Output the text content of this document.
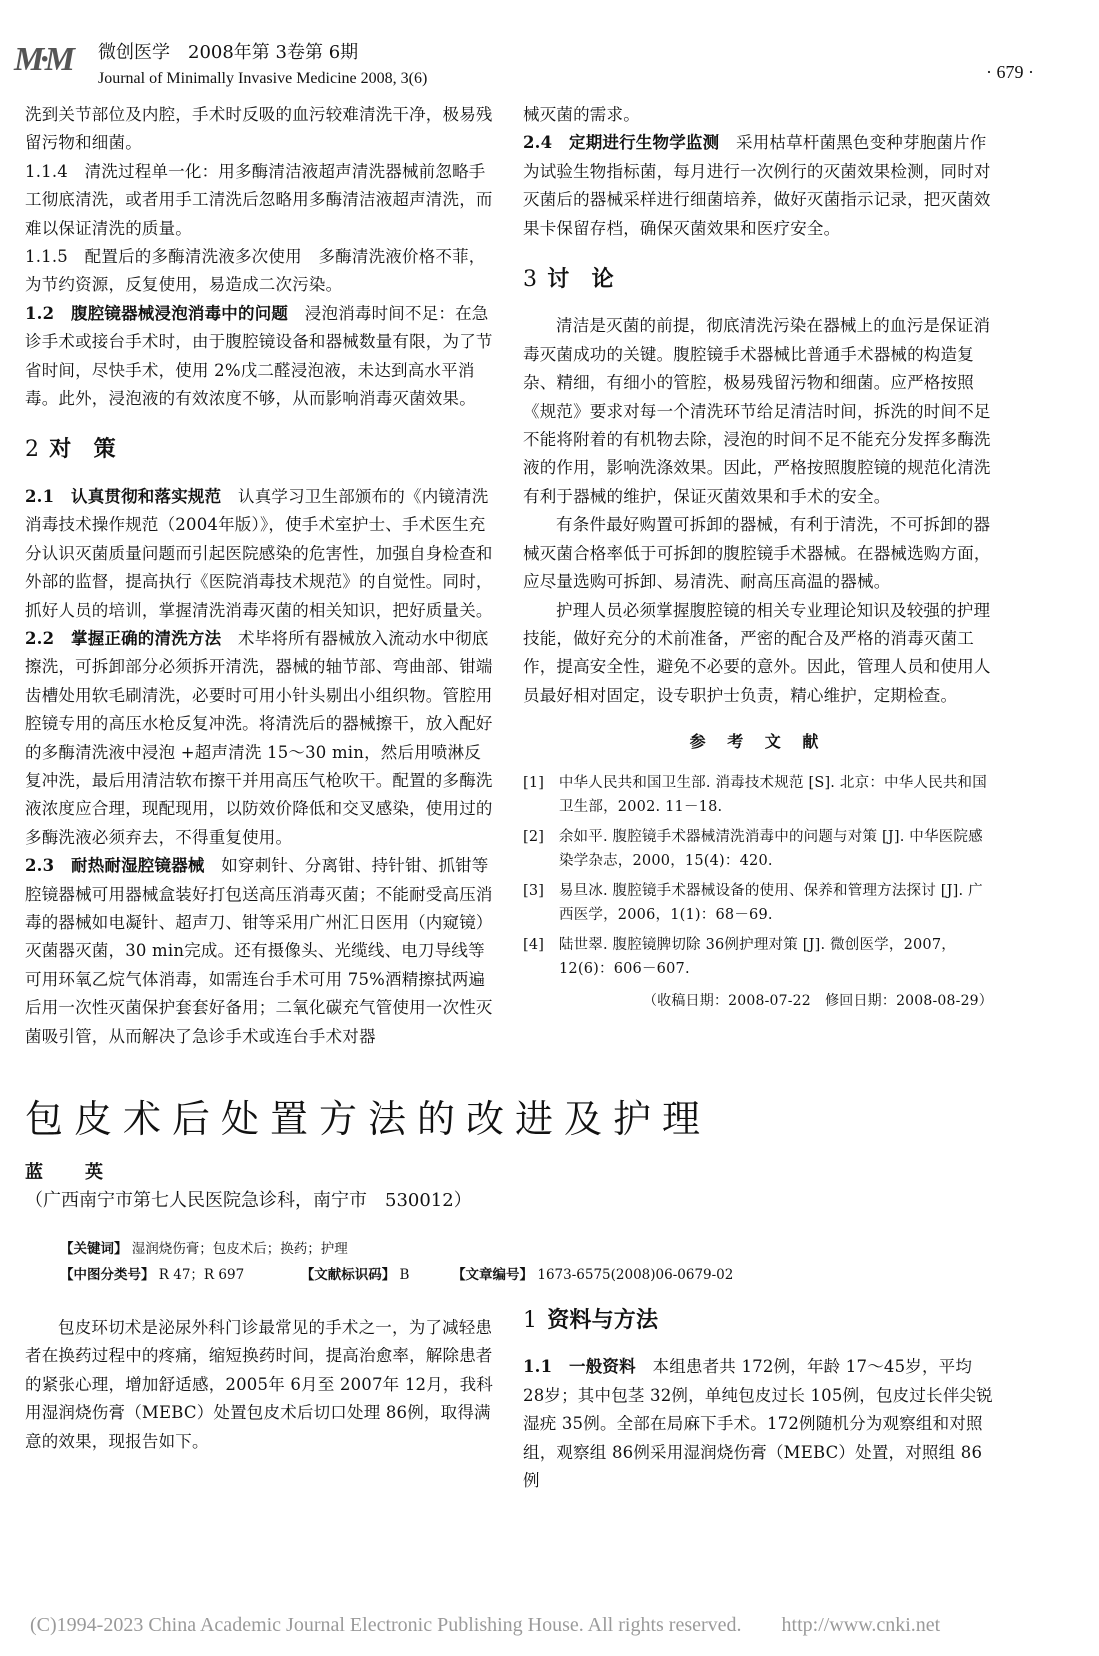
M·M	微创医学　2008年第 3卷第 6期
Journal of Minimally Invasive Medicine 2008, 3(6)	· 679 ·

洗到关节部位及内腔，手术时反吸的血污较难清洗干净，极易残留污物和细菌。

1.1.4　清洗过程单一化：用多酶清洁液超声清洗器械前忽略手工彻底清洗，或者用手工清洗后忽略用多酶清洁液超声清洗，而难以保证清洗的质量。

1.1.5　配置后的多酶清洗液多次使用　多酶清洗液价格不菲，为节约资源，反复使用，易造成二次污染。

1.2　腹腔镜器械浸泡消毒中的问题　浸泡消毒时间不足：在急诊手术或接台手术时，由于腹腔镜设备和器械数量有限，为了节省时间，尽快手术，使用 2%戊二醛浸泡液，未达到高水平消毒。此外，浸泡液的有效浓度不够，从而影响消毒灭菌效果。

2 对　策

2.1　认真贯彻和落实规范　认真学习卫生部颁布的《内镜清洗消毒技术操作规范（2004年版）》，使手术室护士、手术医生充分认识灭菌质量问题而引起医院感染的危害性，加强自身检查和外部的监督，提高执行《医院消毒技术规范》的自觉性。同时，抓好人员的培训，掌握清洗消毒灭菌的相关知识，把好质量关。

2.2　掌握正确的清洗方法　术毕将所有器械放入流动水中彻底擦洗，可拆卸部分必须拆开清洗，器械的轴节部、弯曲部、钳端齿槽处用软毛刷清洗，必要时可用小针头剔出小组织物。管腔用腔镜专用的高压水枪反复冲洗。将清洗后的器械擦干，放入配好的多酶清洗液中浸泡 +超声清洗 15～30 min，然后用喷淋反复冲洗，最后用清洁软布擦干并用高压气枪吹干。配置的多酶洗液浓度应合理，现配现用，以防效价降低和交叉感染，使用过的多酶洗液必须弃去，不得重复使用。

2.3　耐热耐湿腔镜器械　如穿刺针、分离钳、持针钳、抓钳等腔镜器械可用器械盒装好打包送高压消毒灭菌；不能耐受高压消毒的器械如电凝针、超声刀、钳等采用广州汇日医用（内窥镜）灭菌器灭菌，30 min完成。还有摄像头、光缆线、电刀导线等可用环氧乙烷气体消毒，如需连台手术可用 75%酒精擦拭两遍后用一次性灭菌保护套套好备用；二氧化碳充气管使用一次性灭菌吸引管，从而解决了急诊手术或连台手术对器

械灭菌的需求。

2.4　定期进行生物学监测　采用枯草杆菌黑色变种芽胞菌片作为试验生物指标菌，每月进行一次例行的灭菌效果检测，同时对灭菌后的器械采样进行细菌培养，做好灭菌指示记录，把灭菌效果卡保留存档，确保灭菌效果和医疗安全。

3 讨　论

清洁是灭菌的前提，彻底清洗污染在器械上的血污是保证消毒灭菌成功的关键。腹腔镜手术器械比普通手术器械的构造复杂、精细，有细小的管腔，极易残留污物和细菌。应严格按照《规范》要求对每一个清洗环节给足清洁时间，拆洗的时间不足不能将附着的有机物去除，浸泡的时间不足不能充分发挥多酶洗液的作用，影响洗涤效果。因此，严格按照腹腔镜的规范化清洗有利于器械的维护，保证灭菌效果和手术的安全。

有条件最好购置可拆卸的器械，有利于清洗，不可拆卸的器械灭菌合格率低于可拆卸的腹腔镜手术器械。在器械选购方面，应尽量选购可拆卸、易清洗、耐高压高温的器械。

护理人员必须掌握腹腔镜的相关专业理论知识及较强的护理技能，做好充分的术前准备，严密的配合及严格的消毒灭菌工作，提高安全性，避免不必要的意外。因此，管理人员和使用人员最好相对固定，设专职护士负责，精心维护，定期检查。

参 考 文 献
[1]　中华人民共和国卫生部. 消毒技术规范 [S]. 北京：中华人民共和国卫生部，2002. 11－18.
[2]　余如平. 腹腔镜手术器械清洗消毒中的问题与对策 [J]. 中华医院感染学杂志，2000，15(4)：420.
[3]　易旦冰. 腹腔镜手术器械设备的使用、保养和管理方法探讨 [J]. 广西医学，2006，1(1)：68－69.
[4]　陆世翠. 腹腔镜脾切除 36例护理对策 [J]. 微创医学，2007，12(6)：606－607.
（收稿日期：2008-07-22　修回日期：2008-08-29）
包皮术后处置方法的改进及护理
蓝　英
（广西南宁市第七人民医院急诊科，南宁市　530012）
【关键词】 湿润烧伤膏；包皮术后；换药；护理
【中图分类号】 R 47；R 697	【文献标识码】 B	【文章编号】 1673-6575(2008)06-0679-02

包皮环切术是泌尿外科门诊最常见的手术之一，为了减轻患者在换药过程中的疼痛，缩短换药时间，提高治愈率，解除患者的紧张心理，增加舒适感，2005年 6月至 2007年 12月，我科用湿润烧伤膏（MEBC）处置包皮术后切口处理 86例，取得满意的效果，现报告如下。

1 资料与方法

1.1　一般资料　本组患者共 172例，年龄 17～45岁，平均 28岁；其中包茎 32例，单纯包皮过长 105例，包皮过长伴尖锐湿疣 35例。全部在局麻下手术。172例随机分为观察组和对照组，观察组 86例采用湿润烧伤膏（MEBC）处置，对照组 86例

(C)1994-2023 China Academic Journal Electronic Publishing House. All rights reserved.　　http://www.cnki.net
